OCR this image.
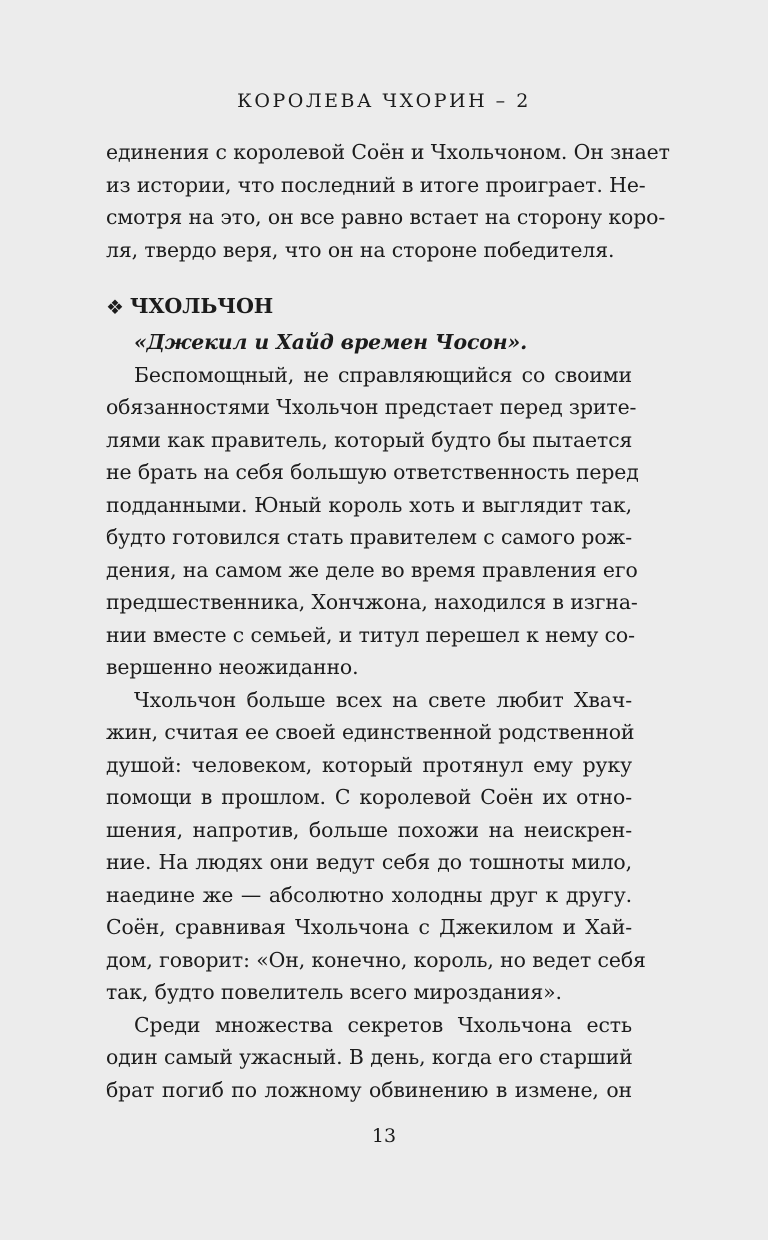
КОРОЛЕВА ЧХОРИН – 2
единения с королевой Соён и Чхольчоном. Он знает
из истории, что последний в итоге проиграет. Не-
смотря на это, он все равно встает на сторону коро-
ля, твердо веря, что он на стороне победителя.
❖ ЧХОЛЬЧОН
«Джекил и Хайд времен Чосон».
Беспомощный, не справляющийся со своими
обязанностями Чхольчон предстает перед зрите-
лями как правитель, который будто бы пытается
не брать на себя большую ответственность перед
подданными. Юный король хоть и выглядит так,
будто готовился стать правителем с самого рож-
дения, на самом же деле во время правления его
предшественника, Хончжона, находился в изгна-
нии вместе с семьей, и титул перешел к нему со-
вершенно неожиданно.
Чхольчон больше всех на свете любит Хвач-
жин, считая ее своей единственной родственной
душой: человеком, который протянул ему руку
помощи в прошлом. С королевой Соён их отно-
шения, напротив, больше похожи на неискрен-
ние. На людях они ведут себя до тошноты мило,
наедине же — абсолютно холодны друг к другу.
Соён, сравнивая Чхольчона с Джекилом и Хай-
дом, говорит: «Он, конечно, король, но ведет себя
так, будто повелитель всего мироздания».
Среди множества секретов Чхольчона есть
один самый ужасный. В день, когда его старший
брат погиб по ложному обвинению в измене, он
13
